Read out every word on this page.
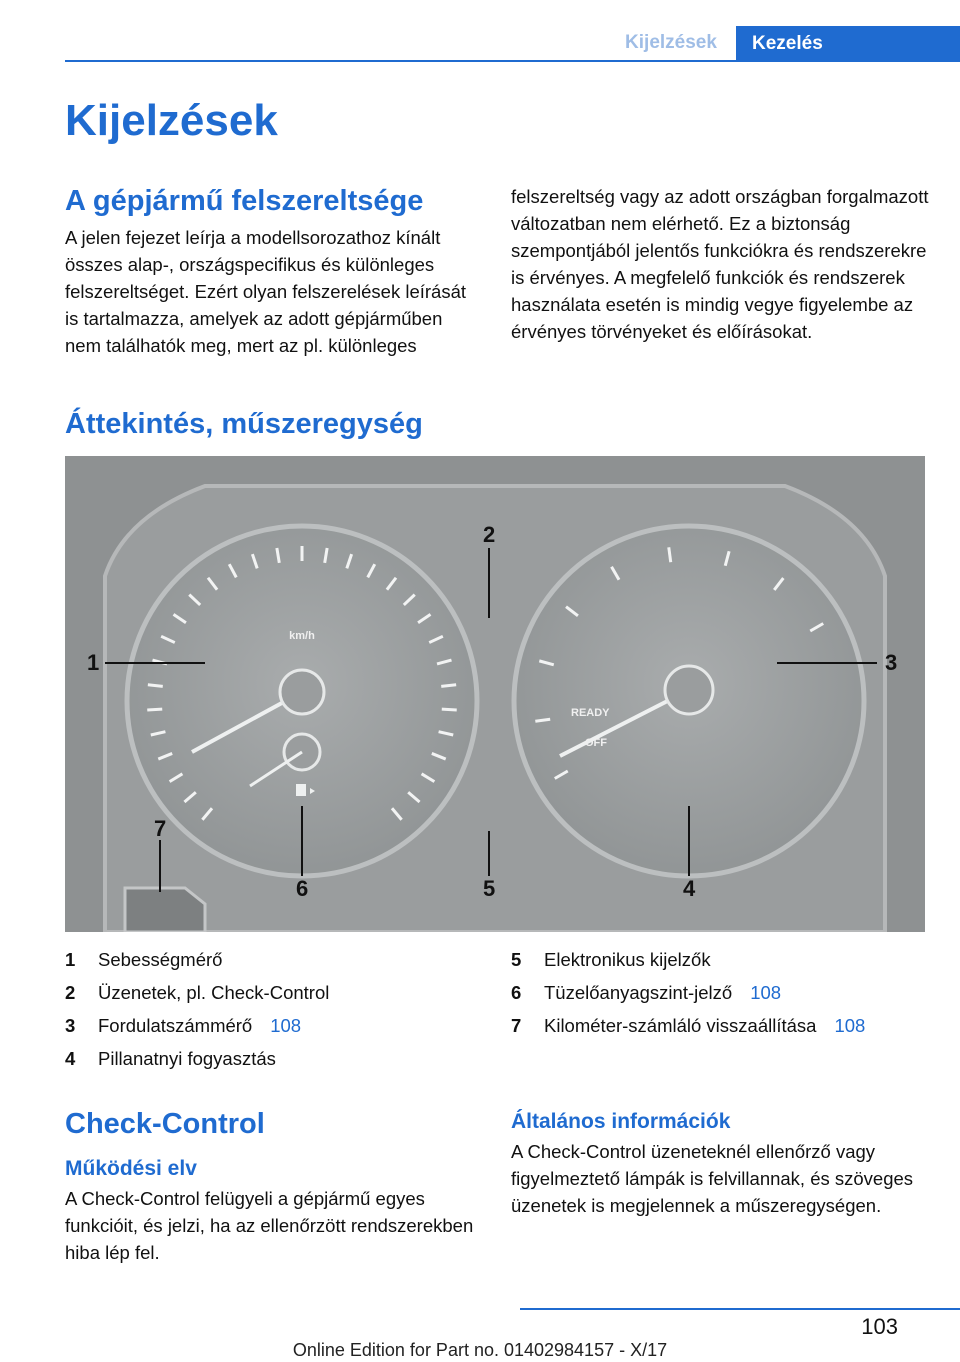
Kijelzések	Kezelés
Kijelzések
A gépjármű felszereltsége

A jelen fejezet leírja a modellsorozathoz kínált összes alap-, országspecifikus és különleges felszereltséget. Ezért olyan felszerelések leírását is tartalmazza, amelyek az adott gépjárműben nem találhatók meg, mert az pl. különleges

felszereltség vagy az adott országban forgalmazott változatban nem elérhető. Ez a biztonság szempontjából jelentős funkciókra és rendszerekre is érvényes. A megfelelő funkciók és rendszerek használata esetén is mindig vegye figyelembe az érvényes törvényeket és előírásokat.

Áttekintés, műszeregység
km/h
READY
OFF
1
2
3
4
5
6
7
1	Sebességmérő
2	Üzenetek, pl. Check-Control
3	Fordulatszámmérő 108
4	Pillanatnyi fogyasztás
5	Elektronikus kijelzők
6	Tüzelőanyagszint-jelző 108
7	Kilométer-számláló visszaállítása 108
Check-Control
Működési elv

A Check-Control felügyeli a gépjármű egyes funkcióit, és jelzi, ha az ellenőrzött rendszerekben hiba lép fel.

Általános információk

A Check-Control üzeneteknél ellenőrző vagy figyelmeztető lámpák is felvillannak, és szöveges üzenetek is megjelennek a műszeregységen.

103
Online Edition for Part no. 01402984157 - X/17
